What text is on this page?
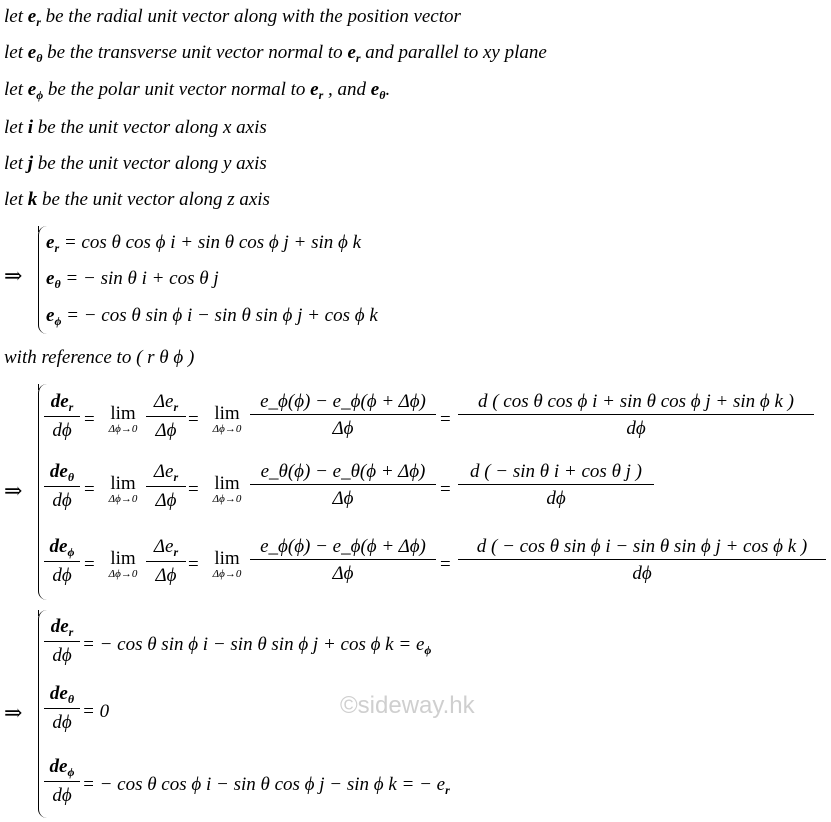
let $e_r$ be the radial unit vector along with the position vector
let $e_\theta$ be the transverse unit vector normal to $e_r$ and parallel to xy plane
let $e_\phi$ be the polar unit vector normal to $e_r$ , and $e_\theta$.
let i be the unit vector along x axis
let j be the unit vector along y axis
let k be the unit vector along z axis
⇒
$e_r = \cos \theta$ cos ϕ i + sin θ cos ϕ j + sin ϕ k
$e_\theta$ = − sin θ i + cos θ j
$e_\phi$ = − cos θ sin ϕ i − sin θ sin ϕ j + cos ϕ k
with reference to ( r θ ϕ )
⇒
$de_r$
dϕ
= lim
Δϕ→0
$\Delta e_r$
Δϕ
= lim
$\Delta\phi\to 0 \frac{e\_\phi(\phi) - e\_\phi(\phi + \Delta\phi)}{\Delta\phi} = \frac{\text{d ( cos θ cos ϕ i + sin θ cos ϕ j + sin ϕ k )}}{d\phi}$
$de_\theta$
dϕ
= lim
Δϕ→0
$\Delta e_r$
Δϕ
= lim
$\Delta\phi\to 0 \frac{e\_\theta(\phi) - e\_\theta(\phi + \Delta\phi)}{\Delta\phi} = \frac{\text{d ( − sin θ i + cos θ j )}}{d\phi}$
$de_\phi$
dϕ
= lim
Δϕ→0
$\Delta e_r$
Δϕ
= lim
$\Delta\phi\to 0 \frac{e\_\phi(\phi) - e\_\phi(\phi + \Delta\phi)}{\Delta\phi} = \frac{\text{d ( − cos θ sin ϕ i − sin θ sin ϕ j + cos ϕ k )}}{d\phi}$
⇒
$de_r$
dϕ
= − cos θ sin ϕ i − sin θ sin ϕ j + cos ϕ $k = e_\phi$
$de_\theta$
dϕ
= 0
$de_\phi$
dϕ
= − cos θ cos ϕ i − sin θ cos ϕ j − sin ϕ k = − $e_r$
©sideway.hk
